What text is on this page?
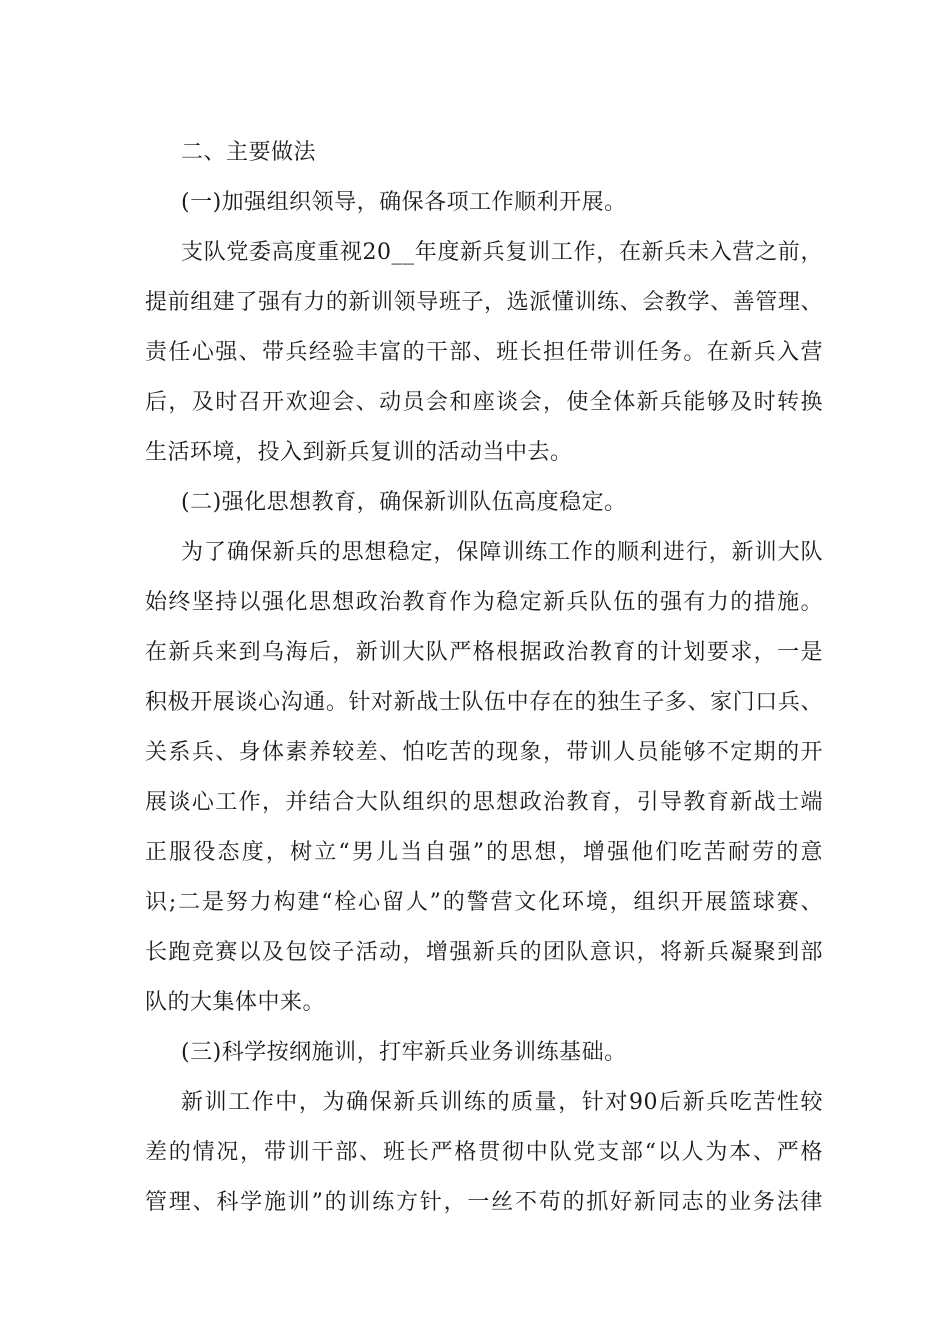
二、主要做法
(一)加强组织领导，确保各项工作顺利开展。
支队党委高度重视20__年度新兵复训工作，在新兵未入营之前，
提前组建了强有力的新训领导班子，选派懂训练、会教学、善管理、
责任心强、带兵经验丰富的干部、班长担任带训任务。在新兵入营
后，及时召开欢迎会、动员会和座谈会，使全体新兵能够及时转换
生活环境，投入到新兵复训的活动当中去。
(二)强化思想教育，确保新训队伍高度稳定。
为了确保新兵的思想稳定，保障训练工作的顺利进行，新训大队
始终坚持以强化思想政治教育作为稳定新兵队伍的强有力的措施。
在新兵来到乌海后，新训大队严格根据政治教育的计划要求，一是
积极开展谈心沟通。针对新战士队伍中存在的独生子多、家门口兵、
关系兵、身体素养较差、怕吃苦的现象，带训人员能够不定期的开
展谈心工作，并结合大队组织的思想政治教育，引导教育新战士端
正服役态度，树立“男儿当自强”的思想，增强他们吃苦耐劳的意
识;二是努力构建“栓心留人”的警营文化环境，组织开展篮球赛、
长跑竞赛以及包饺子活动，增强新兵的团队意识，将新兵凝聚到部
队的大集体中来。
(三)科学按纲施训，打牢新兵业务训练基础。
新训工作中，为确保新兵训练的质量，针对90后新兵吃苦性较
差的情况，带训干部、班长严格贯彻中队党支部“以人为本、严格
管理、科学施训”的训练方针，一丝不苟的抓好新同志的业务法律
